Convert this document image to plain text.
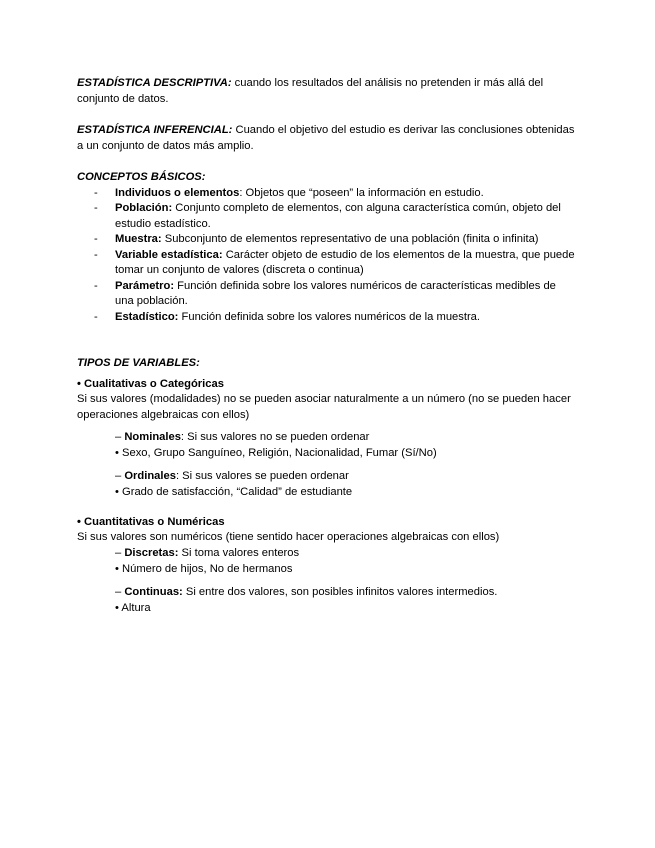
ESTADÍSTICA DESCRIPTIVA: cuando los resultados del análisis no pretenden ir más allá del conjunto de datos.

ESTADÍSTICA INFERENCIAL: Cuando el objetivo del estudio es derivar las conclusiones obtenidas a un conjunto de datos más amplio.

CONCEPTOS BÁSICOS:

- Individuos o elementos: Objetos que “poseen” la información en estudio.
- Población: Conjunto completo de elementos, con alguna característica común, objeto del estudio estadístico.
- Muestra: Subconjunto de elementos representativo de una población (finita o infinita)
- Variable estadística: Carácter objeto de estudio de los elementos de la muestra, que puede tomar un conjunto de valores (discreta o continua)
- Parámetro: Función definida sobre los valores numéricos de características medibles de una población.
- Estadístico: Función definida sobre los valores numéricos de la muestra.

TIPOS DE VARIABLES:

• Cualitativas o Categóricas

Si sus valores (modalidades) no se pueden asociar naturalmente a un número (no se pueden hacer operaciones algebraicas con ellos)

– Nominales: Si sus valores no se pueden ordenar

• Sexo, Grupo Sanguíneo, Religión, Nacionalidad, Fumar (Sí/No)

– Ordinales: Si sus valores se pueden ordenar

• Grado de satisfacción, “Calidad” de estudiante

• Cuantitativas o Numéricas

Si sus valores son numéricos (tiene sentido hacer operaciones algebraicas con ellos)

– Discretas: Si toma valores enteros

• Número de hijos, No de hermanos

– Continuas: Si entre dos valores, son posibles infinitos valores intermedios.

• Altura
